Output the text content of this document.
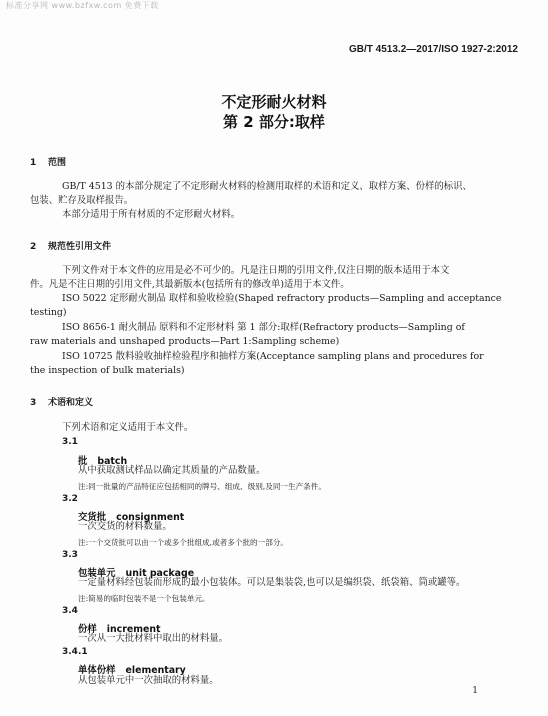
标准分享网 www.bzfxw.com 免费下载
GB/T 4513.2—2017/ISO 1927-2:2012
不定形耐火材料
第 2 部分:取样
1 范围
GB/T 4513 的本部分规定了不定形耐火材料的检测用取样的术语和定义、取样方案、份样的标识、
包装、贮存及取样报告。
本部分适用于所有材质的不定形耐火材料。
2 规范性引用文件
下列文件对于本文件的应用是必不可少的。凡是注日期的引用文件,仅注日期的版本适用于本文
件。凡是不注日期的引用文件,其最新版本(包括所有的修改单)适用于本文件。
ISO 5022 定形耐火制品 取样和验收检验(Shaped refractory products—Sampling and acceptance
testing)
ISO 8656-1 耐火制品 原料和不定形材料 第 1 部分:取样(Refractory products—Sampling of
raw materials and unshaped products—Part 1:Sampling scheme)
ISO 10725 散料验收抽样检验程序和抽样方案(Acceptance sampling plans and procedures for
the inspection of bulk materials)
3 术语和定义
下列术语和定义适用于本文件。
3.1
批 batch
从中获取测试样品以确定其质量的产品数量。
注:同一批量的产品特征应包括相同的牌号、组成、级别,及同一生产条件。
3.2
交货批 consignment
一次交货的材料数量。
注:一个交货批可以由一个或多个批组成,或者多个批的一部分。
3.3
包装单元 unit package
一定量材料经包装而形成的最小包装体。可以是集装袋,也可以是编织袋、纸袋箱、筒或罐等。
注:简易的临时包装不是一个包装单元。
3.4
份样 increment
一次从一大批材料中取出的材料量。
3.4.1
单体份样 elementary
从包装单元中一次抽取的材料量。
1
